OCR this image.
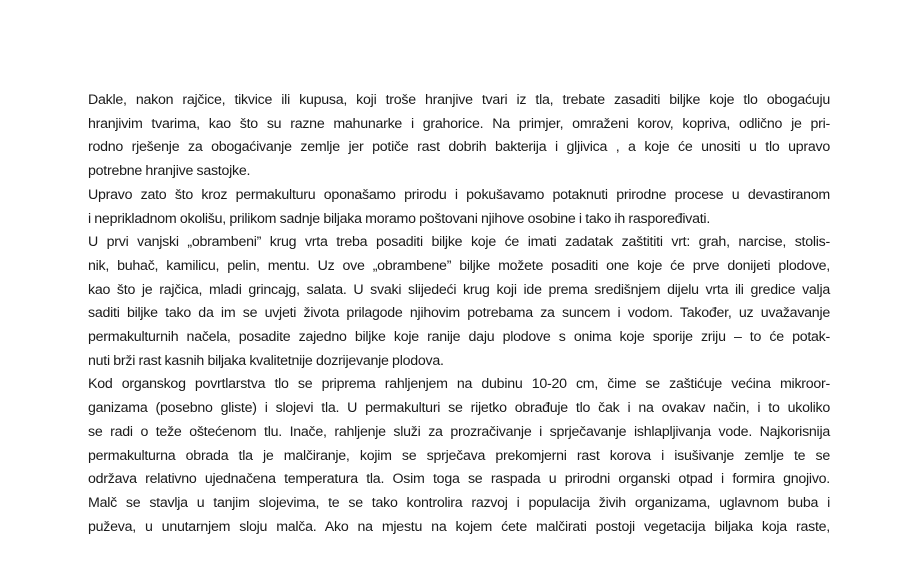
Dakle, nakon rajčice, tikvice ili kupusa, koji troše hranjive tvari iz tla, trebate zasaditi biljke koje tlo obogaćuju
hranjivim tvarima, kao što su razne mahunarke i grahorice. Na primjer, omraženi korov, kopriva, odlično je pri-
rodno rješenje za obogaćivanje zemlje jer potiče rast dobrih bakterija i gljivica , a koje će unositi u tlo upravo
potrebne hranjive sastojke.
Upravo zato što kroz permakulturu oponašamo prirodu i pokušavamo potaknuti prirodne procese u devastiranom
i neprikladnom okolišu, prilikom sadnje biljaka moramo poštovani njihove osobine i tako ih raspoređivati.
U prvi vanjski „obrambeni” krug vrta treba posaditi biljke koje će imati zadatak zaštititi vrt: grah, narcise, stolis-
nik, buhač, kamilicu, pelin, mentu. Uz ove „obrambene” biljke možete posaditi one koje će prve donijeti plodove,
kao što je rajčica, mladi grincajg, salata. U svaki slijedeći krug koji ide prema središnjem dijelu vrta ili gredice valja
saditi biljke tako da im se uvjeti života prilagode njihovim potrebama za suncem i vodom. Također, uz uvažavanje
permakulturnih načela, posadite zajedno biljke koje ranije daju plodove s onima koje sporije zriju – to će potak-
nuti brži rast kasnih biljaka kvalitetnije dozrijevanje plodova.
Kod organskog povrtlarstva tlo se priprema rahljenjem na dubinu 10-20 cm, čime se zaštićuje većina mikroor-
ganizama (posebno gliste) i slojevi tla. U permakulturi se rijetko obrađuje tlo čak i na ovakav način, i to ukoliko
se radi o teže oštećenom tlu. Inače, rahljenje služi za prozračivanje i sprječavanje ishlapljivanja vode. Najkorisnija
permakulturna obrada tla je malčiranje, kojim se sprječava prekomjerni rast korova i isušivanje zemlje te se
održava relativno ujednačena temperatura tla. Osim toga se raspada u prirodni organski otpad i formira gnojivo.
Malč se stavlja u tanjim slojevima, te se tako kontrolira razvoj i populacija živih organizama, uglavnom buba i
puževa, u unutarnjem sloju malča. Ako na mjestu na kojem ćete malčirati postoji vegetacija biljaka koja raste,
